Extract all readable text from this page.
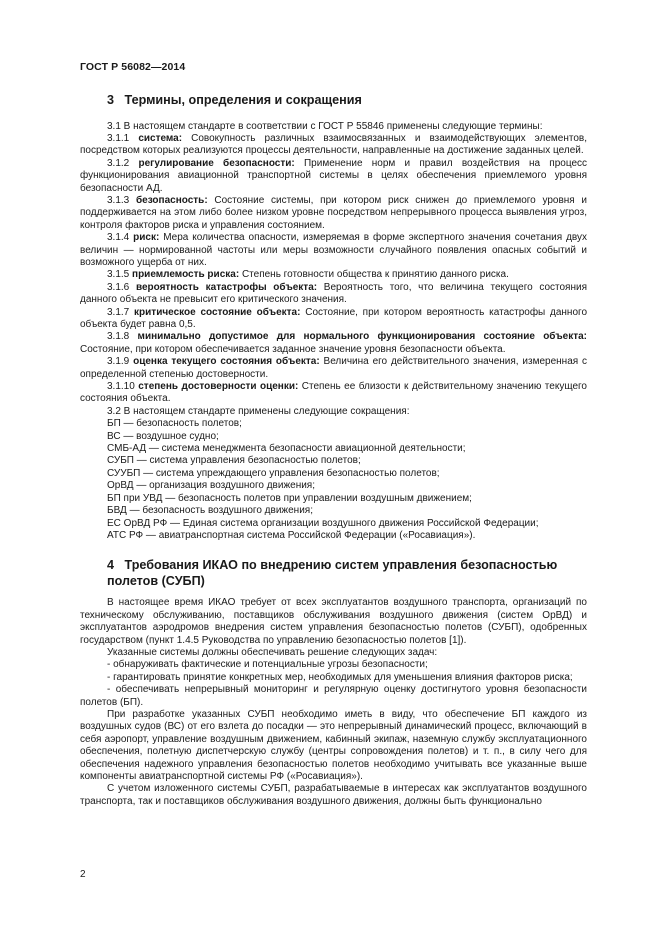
ГОСТ Р 56082—2014
3 Термины, определения и сокращения

3.1 В настоящем стандарте в соответствии с ГОСТ Р 55846 применены следующие термины:

3.1.1 система: Совокупность различных взаимосвязанных и взаимодействующих элементов, посредством которых реализуются процессы деятельности, направленные на достижение заданных целей.

3.1.2 регулирование безопасности: Применение норм и правил воздействия на процесс функционирования авиационной транспортной системы в целях обеспечения приемлемого уровня безопасности АД.

3.1.3 безопасность: Состояние системы, при котором риск снижен до приемлемого уровня и поддерживается на этом либо более низком уровне посредством непрерывного процесса выявления угроз, контроля факторов риска и управления состоянием.

3.1.4 риск: Мера количества опасности, измеряемая в форме экспертного значения сочетания двух величин — нормированной частоты или меры возможности случайного появления опасных событий и возможного ущерба от них.

3.1.5 приемлемость риска: Степень готовности общества к принятию данного риска.

3.1.6 вероятность катастрофы объекта: Вероятность того, что величина текущего состояния данного объекта не превысит его критического значения.

3.1.7 критическое состояние объекта: Состояние, при котором вероятность катастрофы данного объекта будет равна 0,5.

3.1.8 минимально допустимое для нормального функционирования состояние объекта: Состояние, при котором обеспечивается заданное значение уровня безопасности объекта.

3.1.9 оценка текущего состояния объекта: Величина его действительного значения, измеренная с определенной степенью достоверности.

3.1.10 степень достоверности оценки: Степень ее близости к действительному значению текущего состояния объекта.

3.2 В настоящем стандарте применены следующие сокращения:

БП — безопасность полетов;

ВС — воздушное судно;

СМБ-АД — система менеджмента безопасности авиационной деятельности;

СУБП — система управления безопасностью полетов;

СУУБП — система упреждающего управления безопасностью полетов;

ОрВД — организация воздушного движения;

БП при УВД — безопасность полетов при управлении воздушным движением;

БВД — безопасность воздушного движения;

ЕС ОрВД РФ — Единая система организации воздушного движения Российской Федерации;

АТС РФ — авиатранспортная система Российской Федерации («Росавиация»).

4 Требования ИКАО по внедрению систем управления безопасностью полетов (СУБП)

В настоящее время ИКАО требует от всех эксплуатантов воздушного транспорта, организаций по техническому обслуживанию, поставщиков обслуживания воздушного движения (систем ОрВД) и эксплуатантов аэродромов внедрения систем управления безопасностью полетов (СУБП), одобренных государством (пункт 1.4.5 Руководства по управлению безопасностью полетов [1]).

Указанные системы должны обеспечивать решение следующих задач:

- обнаруживать фактические и потенциальные угрозы безопасности;

- гарантировать принятие конкретных мер, необходимых для уменьшения влияния факторов риска;

- обеспечивать непрерывный мониторинг и регулярную оценку достигнутого уровня безопасности полетов (БП).

При разработке указанных СУБП необходимо иметь в виду, что обеспечение БП каждого из воздушных судов (ВС) от его взлета до посадки — это непрерывный динамический процесс, включающий в себя аэропорт, управление воздушным движением, кабинный экипаж, наземную службу эксплуатационного обеспечения, полетную диспетчерскую службу (центры сопровождения полетов) и т. п., в силу чего для обеспечения надежного управления безопасностью полетов необходимо учитывать все указанные выше компоненты авиатранспортной системы РФ («Росавиация»).

С учетом изложенного системы СУБП, разрабатываемые в интересах как эксплуатантов воздушного транспорта, так и поставщиков обслуживания воздушного движения, должны быть функционально

2
